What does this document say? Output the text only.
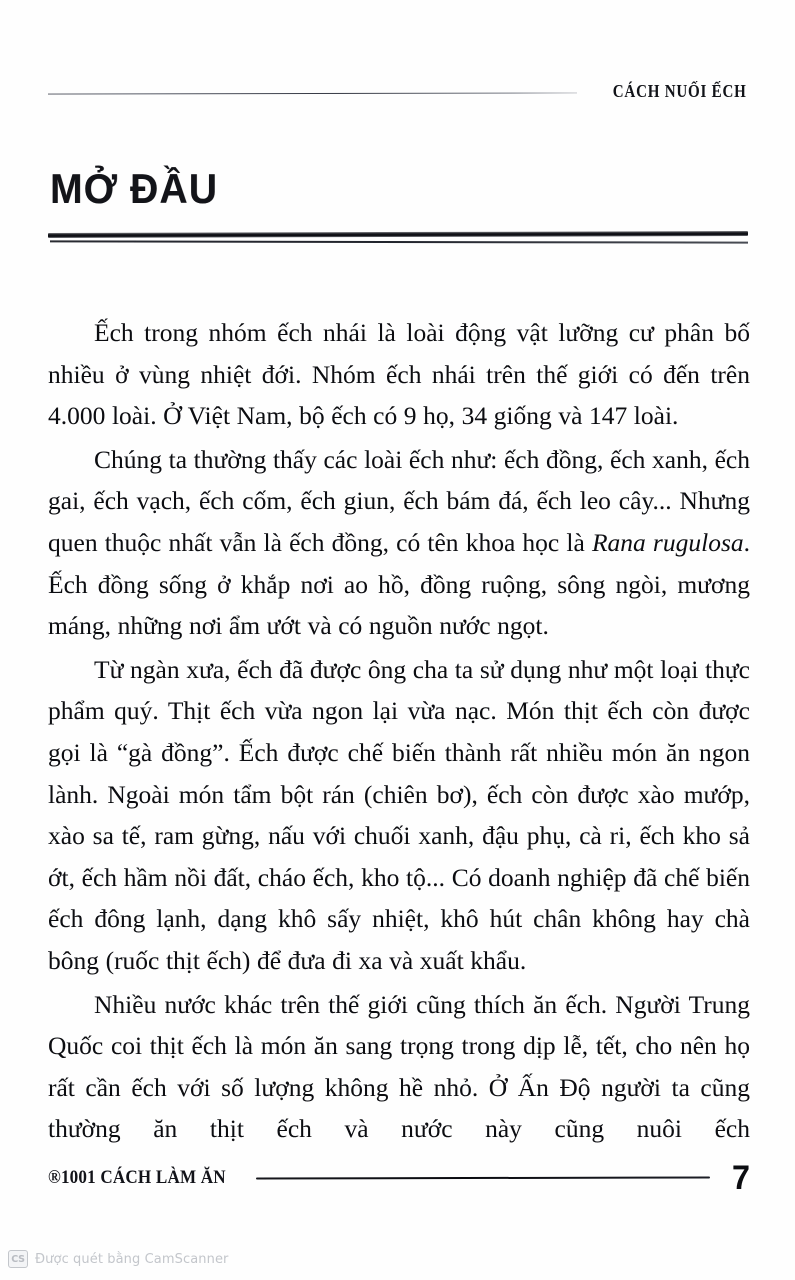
CÁCH NUỐI ẾCH
MỞ ĐẦU

Ếch trong nhóm ếch nhái là loài động vật lưỡng cư phân bố nhiều ở vùng nhiệt đới. Nhóm ếch nhái trên thế giới có đến trên 4.000 loài. Ở Việt Nam, bộ ếch có 9 họ, 34 giống và 147 loài.

Chúng ta thường thấy các loài ếch như: ếch đồng, ếch xanh, ếch gai, ếch vạch, ếch cốm, ếch giun, ếch bám đá, ếch leo cây... Nhưng quen thuộc nhất vẫn là ếch đồng, có tên khoa học là Rana rugulosa. Ếch đồng sống ở khắp nơi ao hồ, đồng ruộng, sông ngòi, mương máng, những nơi ẩm ướt và có nguồn nước ngọt.

Từ ngàn xưa, ếch đã được ông cha ta sử dụng như một loại thực phẩm quý. Thịt ếch vừa ngon lại vừa nạc. Món thịt ếch còn được gọi là “gà đồng”. Ếch được chế biến thành rất nhiều món ăn ngon lành. Ngoài món tẩm bột rán (chiên bơ), ếch còn được xào mướp, xào sa tế, ram gừng, nấu với chuối xanh, đậu phụ, cà ri, ếch kho sả ớt, ếch hầm nồi đất, cháo ếch, kho tộ... Có doanh nghiệp đã chế biến ếch đông lạnh, dạng khô sấy nhiệt, khô hút chân không hay chà bông (ruốc thịt ếch) để đưa đi xa và xuất khẩu.

Nhiều nước khác trên thế giới cũng thích ăn ếch. Người Trung Quốc coi thịt ếch là món ăn sang trọng trong dịp lễ, tết, cho nên họ rất cần ếch với số lượng không hề nhỏ. Ở Ấn Độ người ta cũng thường ăn thịt ếch và nước này cũng nuôi ếch

®1001 CÁCH LÀM ĂN	7
CS Được quét bằng CamScanner
